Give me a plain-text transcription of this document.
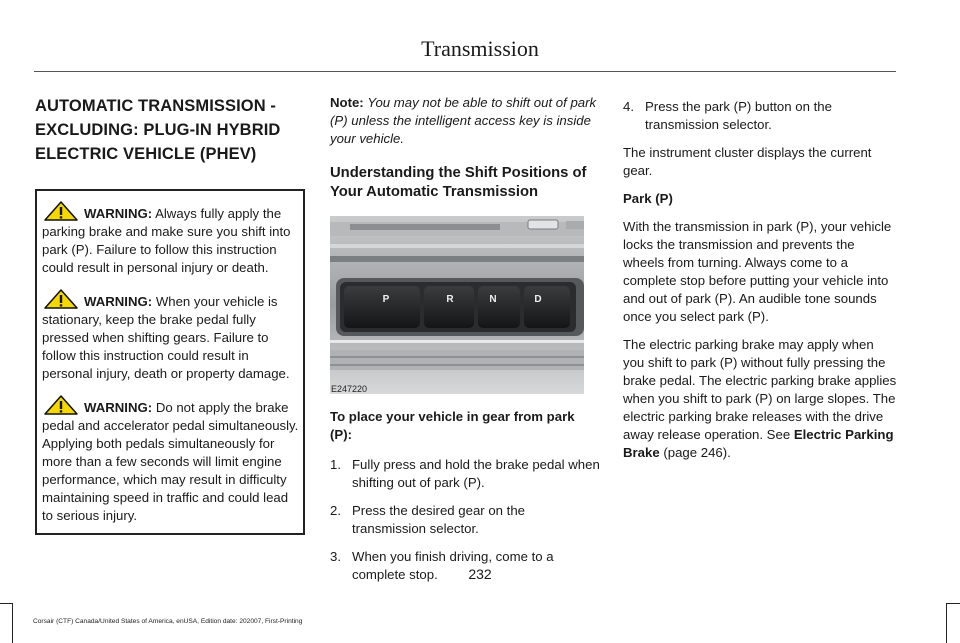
Transmission
AUTOMATIC TRANSMISSION -
EXCLUDING: PLUG-IN HYBRID
ELECTRIC VEHICLE (PHEV)

WARNING: Always fully apply the parking brake and make sure you shift into park (P). Failure to follow this instruction could result in personal injury or death.

WARNING: When your vehicle is stationary, keep the brake pedal fully pressed when shifting gears. Failure to follow this instruction could result in personal injury, death or property damage.

WARNING: Do not apply the brake pedal and accelerator pedal simultaneously. Applying both pedals simultaneously for more than a few seconds will limit engine performance, which may result in difficulty maintaining speed in traffic and could lead to serious injury.

Note: You may not be able to shift out of park (P) unless the intelligent access key is inside your vehicle.

Understanding the Shift Positions of Your Automatic Transmission
P	R	N	D
E247220

To place your vehicle in gear from park (P):

1. Fully press and hold the brake pedal when shifting out of park (P).
2. Press the desired gear on the transmission selector.
3. When you finish driving, come to a complete stop.
4. Press the park (P) button on the transmission selector.

The instrument cluster displays the current gear.

Park (P)

With the transmission in park (P), your vehicle locks the transmission and prevents the wheels from turning. Always come to a complete stop before putting your vehicle into and out of park (P). An audible tone sounds once you select park (P).

The electric parking brake may apply when you shift to park (P) without fully pressing the brake pedal. The electric parking brake applies when you shift to park (P) on large slopes. The electric parking brake releases with the drive away release operation. See Electric Parking Brake (page 246).

232
Corsair (CTF) Canada/United States of America, enUSA, Edition date: 202007, First-Printing
